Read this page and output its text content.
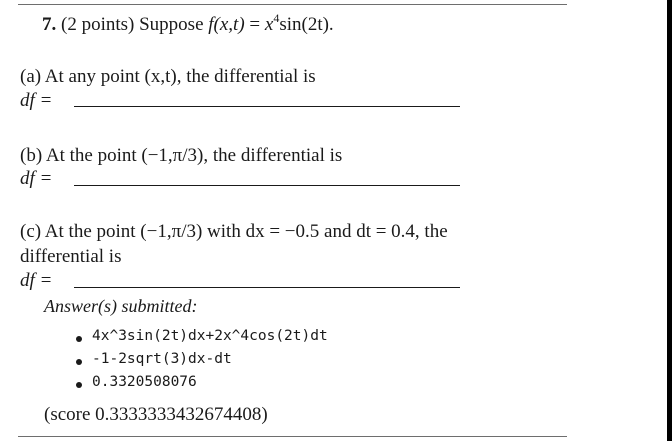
7. (2 points) Suppose $f(x,t) = x^4\sin(2t)$.
(a) At any point (x,t), the differential is
df =
(b) At the point (−1,π/3), the differential is
df =
(c) At the point (−1,π/3) with dx = −0.5 and dt = 0.4, the
differential is
df =
Answer(s) submitted:
4x^3sin(2t)dx+2x^4cos(2t)dt
-1-2sqrt(3)dx-dt
0.3320508076
(score 0.3333333432674408)
